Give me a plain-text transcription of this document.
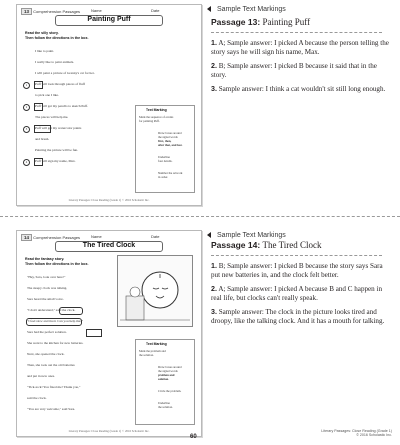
13 Comprehension Passages	Name	Date
Painting Puff
Read the silly story.
Then follow the directions in the box.
I like to paint.
I really like to paint animals.
I will paint a picture of Granny's cat for her.
1	Puff will look through pieces of fluff
to pick one I like.
2	Puff will get my pencils to sketch Puff.
The pieces will help me.
3	Puff will get my watercolor paints
and brush.
Painting the picture will be fun.
4	Puff will sign my name, Max.
Text Marking
Mark the sequence of events
for painting Puff.
Draw boxes around
the signal words
first, then,
after that, and last.
Underline
four details.
Number the artwork
in order.
Literary Passages: Close Reading (Grade 1) © 2016 Scholastic Inc.
Sample Text Markings
Passage 13: Painting Puff

1. A; Sample answer: I picked A because the person telling the story says he will sign his name, Max.

2. B; Sample answer: I picked B because it said that in the story.

3. Sample answer: I think a cat wouldn't sit still long enough.

14 Comprehension Passages	Name	Date
The Tired Clock
Read the fantasy story.
Then follow the directions in the box.
"Hey, Sara, look over here!"
The sleepy clock was talking.
Sara heard the small voice.
"I don't understand," said the clock.
"I feel slow and tired. Can you help me?"
Sara had the perfect solution.
She went to the kitchen for new batteries.
Next, she opened the clock.
Then, she took out the old batteries
and put in new ones.
"Tick-tock! You fixed me! Thank you,"
said the clock.
"You are very welcome," said Sara.
Text Marking
Mark the problem and
the solution.
Draw boxes around
the signal words
problem and
solution.
Circle the problem.
Underline
the solution.
Literary Passages: Close Reading (Grade 1) © 2016 Scholastic Inc.
Sample Text Markings
Passage 14: The Tired Clock

1. B; Sample answer: I picked B because the story says Sara put new batteries in, and the clock felt better.

2. A; Sample answer: I picked A because B and C happen in real life, but clocks can't really speak.

3. Sample answer: The clock in the picture looks tired and droopy, like the talking clock. And it has a mouth for talking.

60
Literary Passages: Close Reading (Grade 1)
© 2016 Scholastic Inc.
